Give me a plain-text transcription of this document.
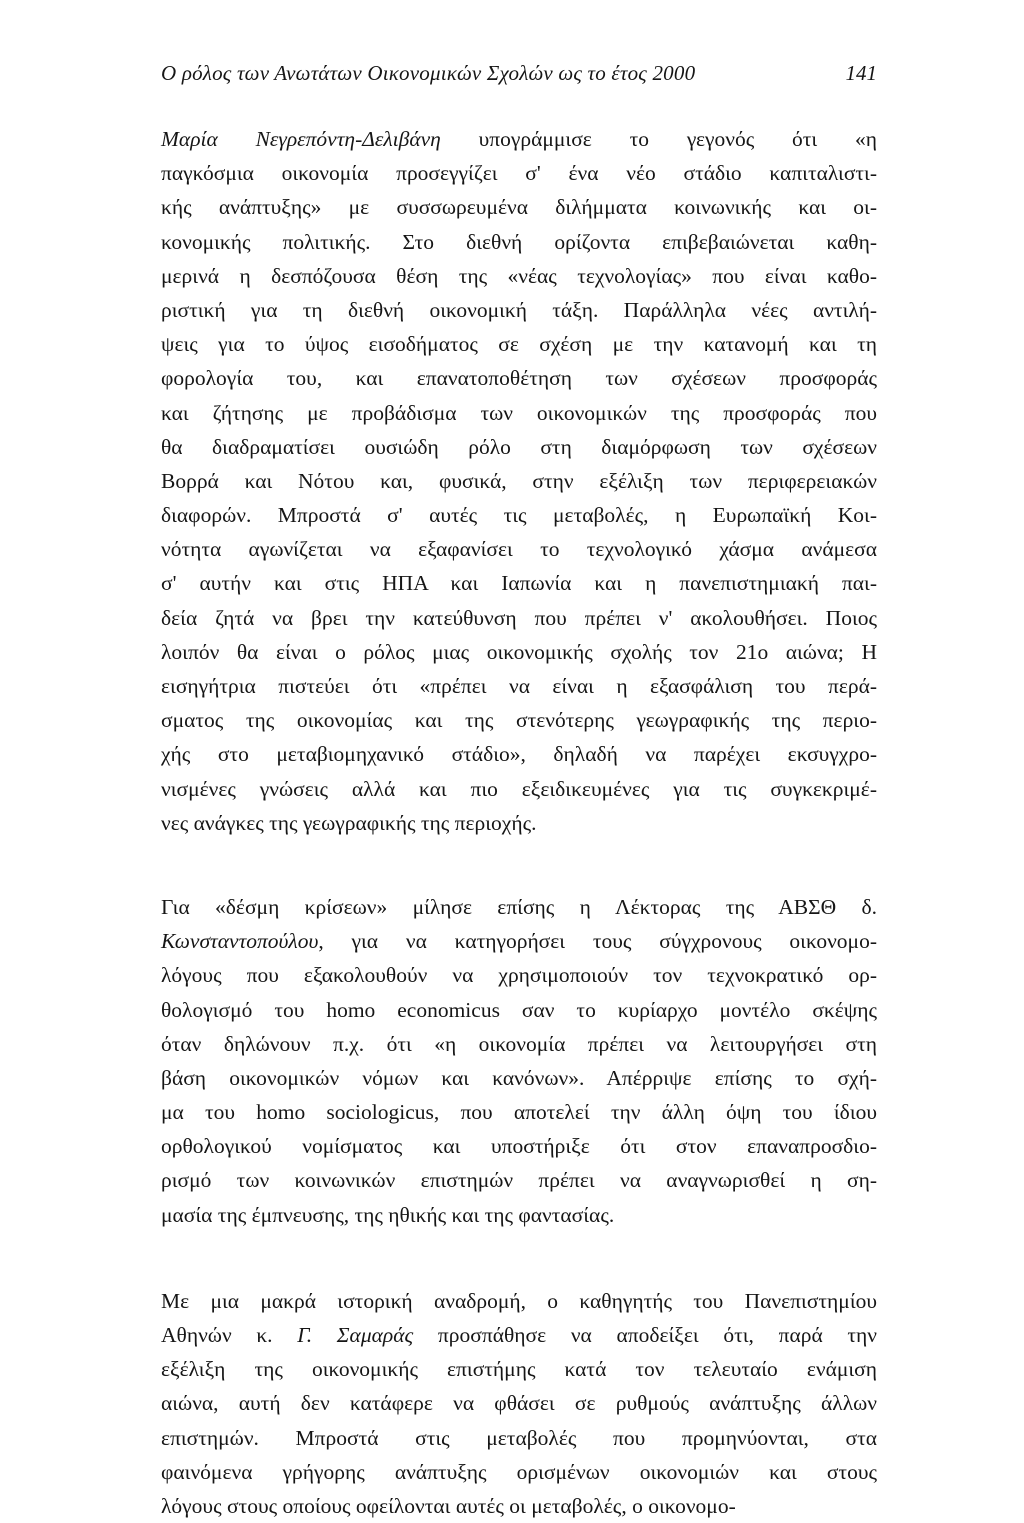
Ο ρόλος των Ανωτάτων Οικονομικών Σχολών ως το έτος 2000	141
Μαρία Νεγρεπόντη-Δελιβάνη υπογράμμισε το γεγονός ότι «η
παγκόσμια οικονομία προσεγγίζει σ' ένα νέο στάδιο καπιταλιστι-
κής ανάπτυξης» με συσσωρευμένα διλήμματα κοινωνικής και οι-
κονομικής πολιτικής. Στο διεθνή ορίζοντα επιβεβαιώνεται καθη-
μερινά η δεσπόζουσα θέση της «νέας τεχνολογίας» που είναι καθο-
ριστική για τη διεθνή οικονομική τάξη. Παράλληλα νέες αντιλή-
ψεις για το ύψος εισοδήματος σε σχέση με την κατανομή και τη
φορολογία του, και επανατοποθέτηση των σχέσεων προσφοράς
και ζήτησης με προβάδισμα των οικονομικών της προσφοράς που
θα διαδραματίσει ουσιώδη ρόλο στη διαμόρφωση των σχέσεων
Βορρά και Νότου και, φυσικά, στην εξέλιξη των περιφερειακών
διαφορών. Μπροστά σ' αυτές τις μεταβολές, η Ευρωπαϊκή Κοι-
νότητα αγωνίζεται να εξαφανίσει το τεχνολογικό χάσμα ανάμεσα
σ' αυτήν και στις ΗΠΑ και Ιαπωνία και η πανεπιστημιακή παι-
δεία ζητά να βρει την κατεύθυνση που πρέπει ν' ακολουθήσει. Ποιος
λοιπόν θα είναι ο ρόλος μιας οικονομικής σχολής τον 21ο αιώνα; Η
εισηγήτρια πιστεύει ότι «πρέπει να είναι η εξασφάλιση του περά-
σματος της οικονομίας και της στενότερης γεωγραφικής της περιο-
χής στο μεταβιομηχανικό στάδιο», δηλαδή να παρέχει εκσυγχρο-
νισμένες γνώσεις αλλά και πιο εξειδικευμένες για τις συγκεκριμέ-
νες ανάγκες της γεωγραφικής της περιοχής.
Για «δέσμη κρίσεων» μίλησε επίσης η Λέκτορας της ΑΒΣΘ δ.
Κωνσταντοπούλου, για να κατηγορήσει τους σύγχρονους οικονομο-
λόγους που εξακολουθούν να χρησιμοποιούν τον τεχνοκρατικό ορ-
θολογισμό του homo economicus σαν το κυρίαρχο μοντέλο σκέψης
όταν δηλώνουν π.χ. ότι «η οικονομία πρέπει να λειτουργήσει στη
βάση οικονομικών νόμων και κανόνων». Απέρριψε επίσης το σχή-
μα του homo sociologicus, που αποτελεί την άλλη όψη του ίδιου
ορθολογικού νομίσματος και υποστήριξε ότι στον επαναπροσδιο-
ρισμό των κοινωνικών επιστημών πρέπει να αναγνωρισθεί η ση-
μασία της έμπνευσης, της ηθικής και της φαντασίας.
Με μια μακρά ιστορική αναδρομή, ο καθηγητής του Πανεπιστημίου
Αθηνών κ. Γ. Σαμαράς προσπάθησε να αποδείξει ότι, παρά την
εξέλιξη της οικονομικής επιστήμης κατά τον τελευταίο ενάμιση
αιώνα, αυτή δεν κατάφερε να φθάσει σε ρυθμούς ανάπτυξης άλλων
επιστημών. Μπροστά στις μεταβολές που προμηνύονται, στα
φαινόμενα γρήγορης ανάπτυξης ορισμένων οικονομιών και στους
λόγους στους οποίους οφείλονται αυτές οι μεταβολές, ο οικονομο-
